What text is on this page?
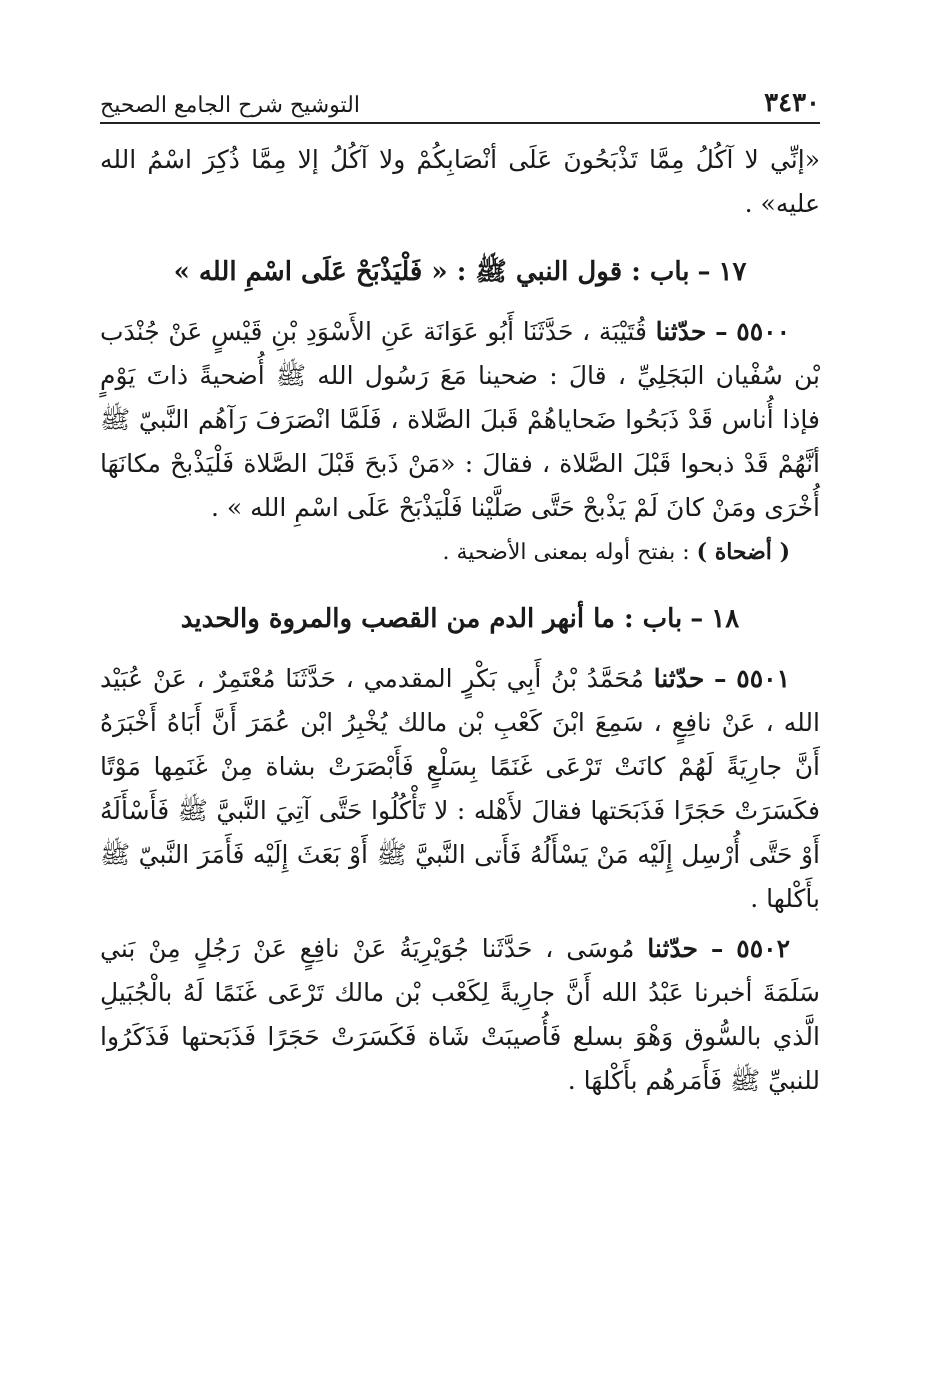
٣٤٣٠
التوشيح شرح الجامع الصحيح

«إنِّي لا آكُلُ مِمَّا تَذْبَحُونَ عَلَى أنْصَابِكُمْ ولا آكُلُ إلا مِمَّا ذُكِرَ اسْمُ الله عليه» .

١٧–باب : قول النبي ﷺ : « فَلْيَذْبَحْ عَلَى اسْمِ الله »

٥٥٠٠ – حدّثنا قُتَيْبَة ، حَدَّثَنَا أَبُو عَوَانَة عَنِ الأَسْوَدِ بْنِ قَيْسٍ عَنْ جُنْدَب بْن سُفْيان البَجَلِيِّ ، قالَ : ضحينا مَعَ رَسُول الله ﷺ أُضحيةً ذاتَ يَوْمٍ فإذا أُناس قَدْ ذَبَحُوا ضَحاياهُمْ قَبلَ الصَّلاة ، فَلَمَّا انْصَرَفَ رَآهُم النَّبيّ ﷺ أنَّهُمْ قَدْ ذبحوا قَبْلَ الصَّلاة ، فقالَ : «مَنْ ذَبحَ قَبْلَ الصَّلاة فَلْيَذْبحْ مكانَهَا أُخْرَى ومَنْ كانَ لَمْ يَذْبحْ حَتَّى صَلَّيْنا فَلْيَذْبَحْ عَلَى اسْمِ الله » .

( أضحاة ) : بفتح أوله بمعنى الأضحية .

١٨–باب : ما أنهر الدم من القصب والمروة والحديد

٥٥٠١ – حدّثنا مُحَمَّدُ بْنُ أَبِي بَكْرٍ المقدمي ، حَدَّثَنَا مُعْتَمِرٌ ، عَنْ عُبَيْد الله ، عَنْ نافِعٍ ، سَمِعَ ابْنَ كَعْبِ بْن مالك يُخْبِرُ ابْن عُمَرَ أَنَّ أَبَاهُ أَخْبَرَهُ أَنَّ جارِيَةً لَهُمْ كانَتْ تَرْعَى غَنَمًا بِسَلْعٍ فَأَبْصَرَتْ بشاة مِنْ غَنَمِها مَوْتًا فكَسَرَتْ حَجَرًا فَذَبَحَتها فقالَ لأَهْله : لا تَأْكُلُوا حَتَّى آتِيَ النَّبيَّ ﷺ فَأَسْأَلَهُ أَوْ حَتَّى أُرْسِل إِلَيْه مَنْ يَسْأَلُهُ فَأَتى النَّبيَّ ﷺ أَوْ بَعَثَ إِلَيْه فَأَمَرَ النَّبيّ ﷺ بأَكْلها .

٥٥٠٢ – حدّثنا مُوسَى ، حَدَّثَنا جُوَيْرِيَةُ عَنْ نافِعٍ عَنْ رَجُلٍ مِنْ بَني سَلَمَةَ أخبرنا عَبْدُ الله أَنَّ جارِيةً لِكَعْب بْن مالك تَرْعَى غَنَمًا لَهُ بالْجُبَيلِ الَّذي بالسُّوق وَهْوَ بسلع فَأُصيبَتْ شَاة فَكَسَرَتْ حَجَرًا فَذَبَحتها فَذَكَرُوا للنبيِّ ﷺ فَأَمَرهُم بأَكْلهَا .
